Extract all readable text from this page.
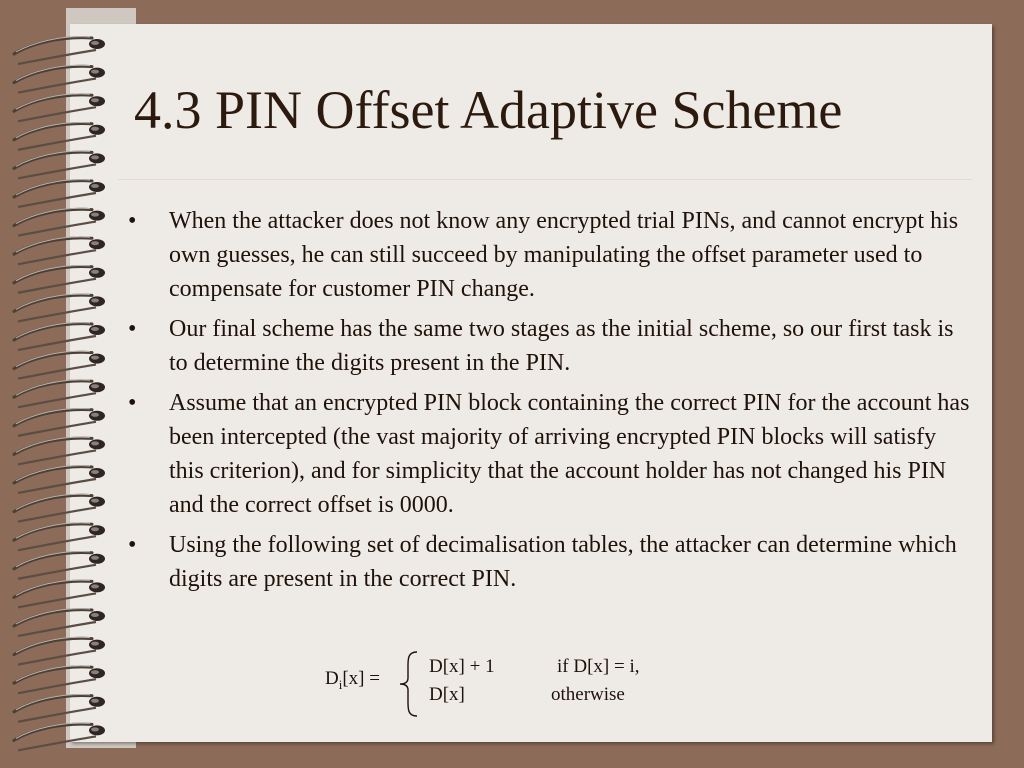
4.3 PIN Offset Adaptive Scheme
• When the attacker does not know any encrypted trial PINs, and cannot encrypt his own guesses, he can still succeed by manipulating the offset parameter used to compensate for customer PIN change.
• Our final scheme has the same two stages as the initial scheme, so our first task is to determine the digits present in the PIN.
• Assume that an encrypted PIN block containing the correct PIN for the account has been intercepted (the vast majority of arriving encrypted PIN blocks will satisfy this criterion), and for simplicity that the account holder has not changed his PIN and the correct offset is 0000.
• Using the following set of decimalisation tables, the attacker can determine which digits are present in the correct PIN.
$D_i[x]$ =
D[x] + 1	if D[x] = i,
D[x]	otherwise
